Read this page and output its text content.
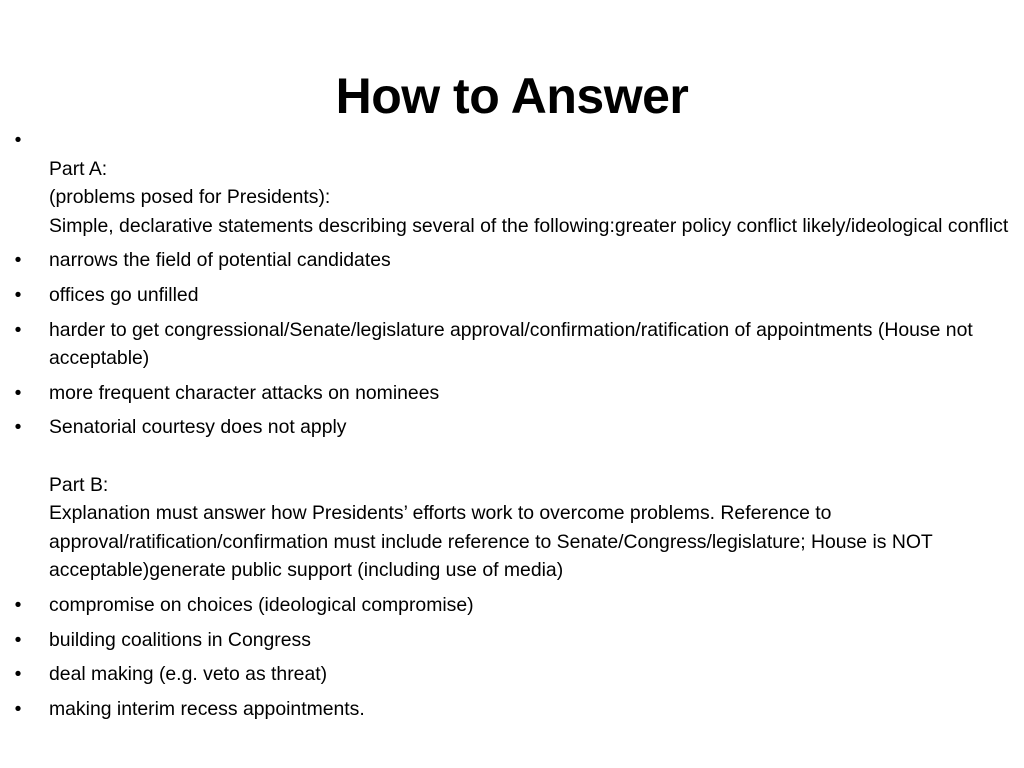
How to Answer
•
Part A:
(problems posed for Presidents):
Simple, declarative statements describing several of the following:greater policy conflict likely/ideological conflict
• narrows the field of potential candidates
• offices go unfilled
• harder to get congressional/Senate/legislature approval/confirmation/ratification of appointments (House not acceptable)
• more frequent character attacks on nominees
• Senatorial courtesy does not apply
Part B:
Explanation must answer how Presidents’ efforts work to overcome problems. Reference to approval/ratification/confirmation must include reference to Senate/Congress/legislature; House is NOT acceptable)generate public support (including use of media)
• compromise on choices (ideological compromise)
• building coalitions in Congress
• deal making (e.g. veto as threat)
• making interim recess appointments.
